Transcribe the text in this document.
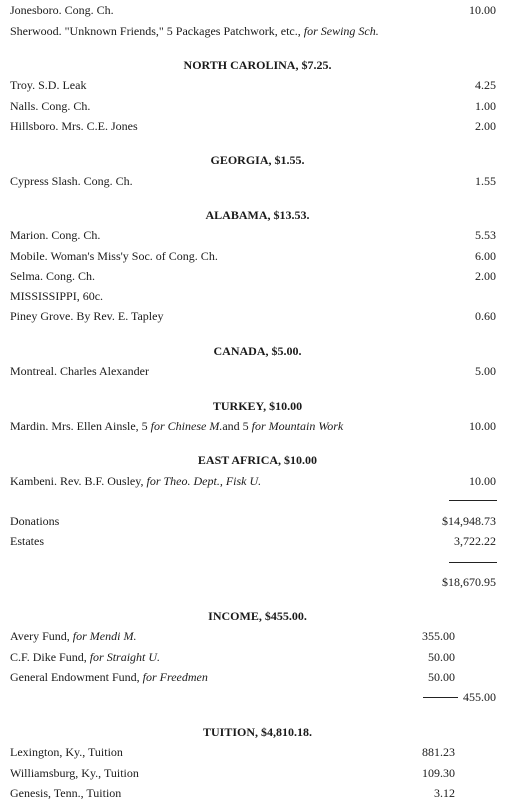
Jonesboro. Cong. Ch.	10.00
Sherwood. "Unknown Friends," 5 Packages Patchwork, etc., for Sewing Sch.
NORTH CAROLINA, $7.25.
Troy. S.D. Leak	4.25
Nalls. Cong. Ch.	1.00
Hillsboro. Mrs. C.E. Jones	2.00
GEORGIA, $1.55.
Cypress Slash. Cong. Ch.	1.55
ALABAMA, $13.53.
Marion. Cong. Ch.	5.53
Mobile. Woman's Miss'y Soc. of Cong. Ch.	6.00
Selma. Cong. Ch.	2.00
MISSISSIPPI, 60c.
Piney Grove. By Rev. E. Tapley	0.60
CANADA, $5.00.
Montreal. Charles Alexander	5.00
TURKEY, $10.00
Mardin. Mrs. Ellen Ainsle, 5 for Chinese M.and 5 for Mountain Work	10.00
EAST AFRICA, $10.00
Kambeni. Rev. B.F. Ousley, for Theo. Dept., Fisk U.	10.00
Donations	$14,948.73
Estates	3,722.22
$18,670.95
INCOME, $455.00.
Avery Fund, for Mendi M.	355.00
C.F. Dike Fund, for Straight U.	50.00
General Endowment Fund, for Freedmen	50.00
455.00
TUITION, $4,810.18.
Lexington, Ky., Tuition	881.23
Williamsburg, Ky., Tuition	109.30
Genesis, Tenn., Tuition	3.12
